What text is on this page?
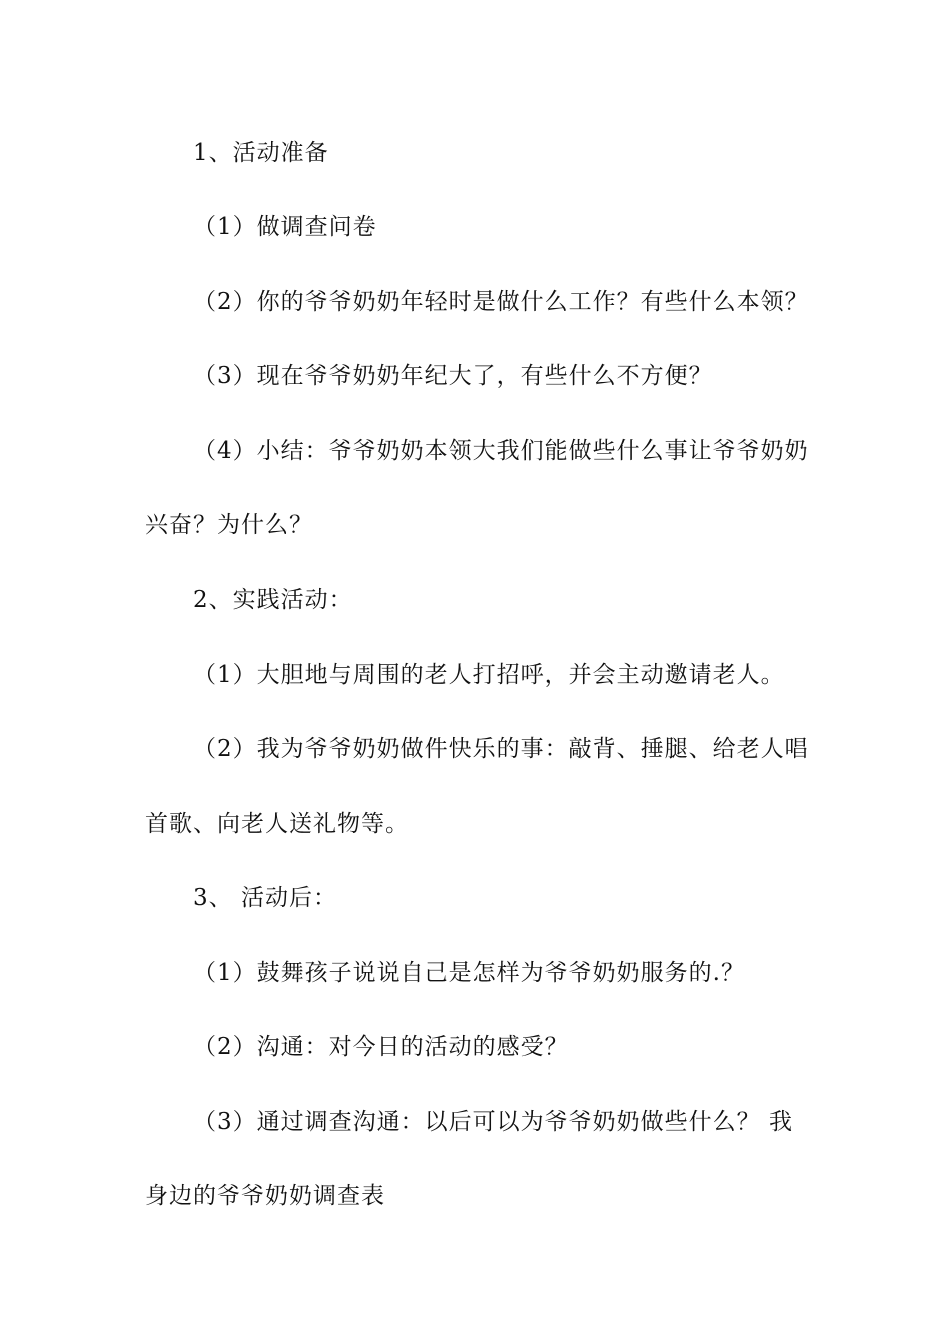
1、活动准备
（1）做调查问卷
（2）你的爷爷奶奶年轻时是做什么工作？有些什么本领？
（3）现在爷爷奶奶年纪大了，有些什么不方便？
（4）小结：爷爷奶奶本领大我们能做些什么事让爷爷奶奶
兴奋？为什么？
2、实践活动：
（1）大胆地与周围的老人打招呼，并会主动邀请老人。
（2）我为爷爷奶奶做件快乐的事：敲背、捶腿、给老人唱
首歌、向老人送礼物等。
3、 活动后：
（1）鼓舞孩子说说自己是怎样为爷爷奶奶服务的.？
（2）沟通：对今日的活动的感受？
（3）通过调查沟通：以后可以为爷爷奶奶做些什么？ 我
身边的爷爷奶奶调查表
